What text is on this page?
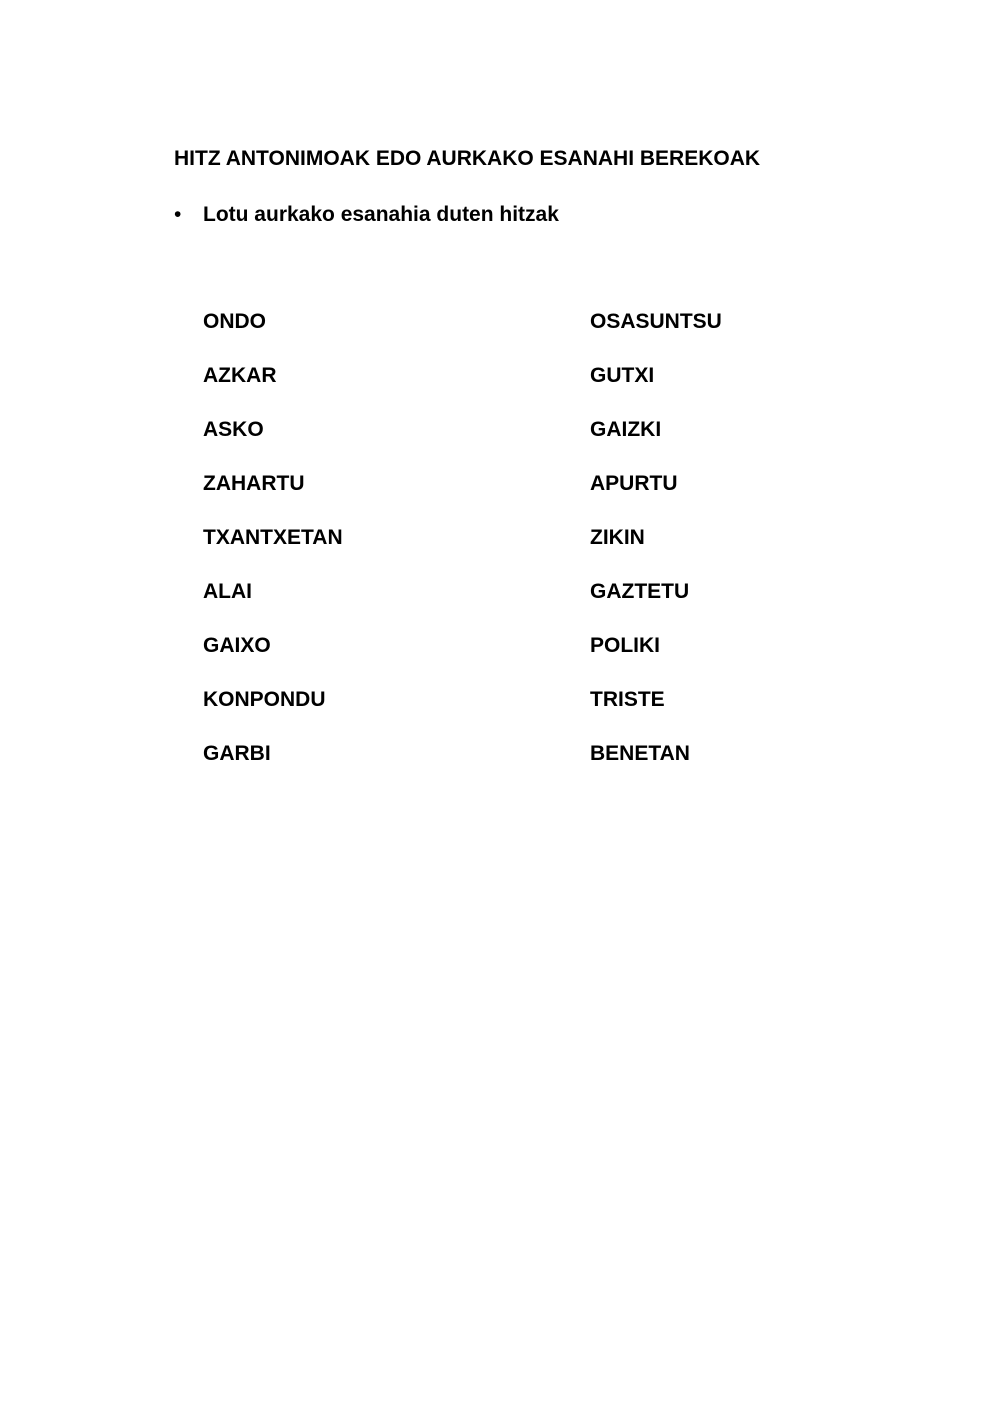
HITZ ANTONIMOAK EDO AURKAKO ESANAHI BEREKOAK
• Lotu aurkako esanahia duten hitzak
ONDO
AZKAR
ASKO
ZAHARTU
TXANTXETAN
ALAI
GAIXO
KONPONDU
GARBI
OSASUNTSU
GUTXI
GAIZKI
APURTU
ZIKIN
GAZTETU
POLIKI
TRISTE
BENETAN
